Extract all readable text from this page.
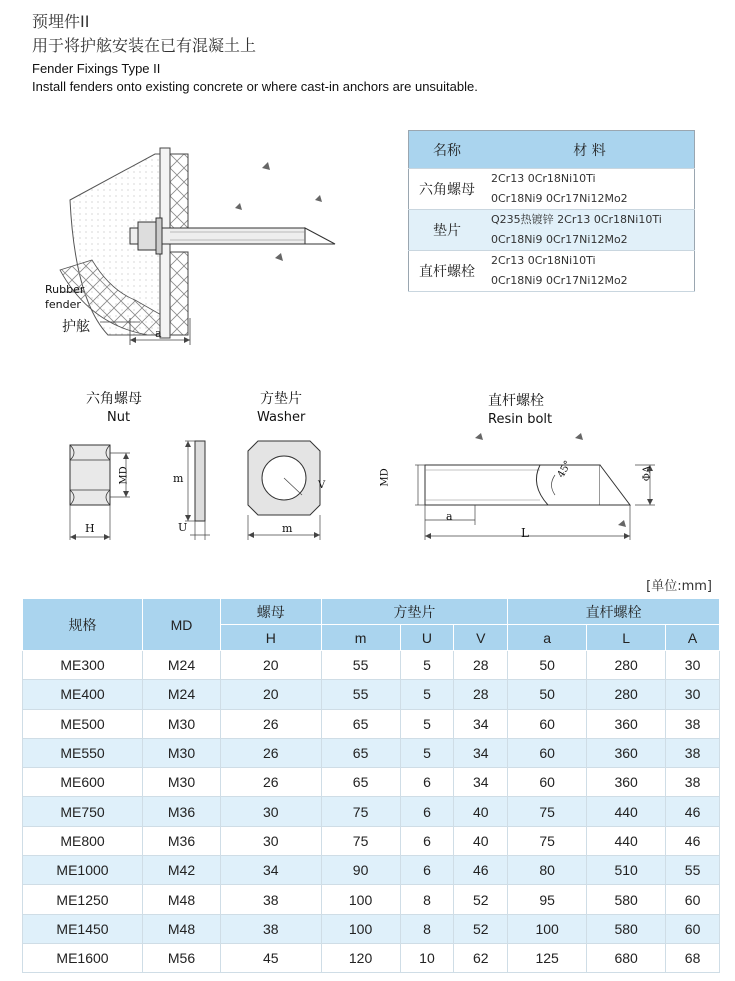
预埋件II
用于将护舷安装在已有混凝土上
Fender Fixings Type II
Install fenders onto existing concrete or where cast-in anchors are unsuitable.
Rubber
fender
护舷	a
名称	材 料
六角螺母	2Cr13 0Cr18Ni10Ti
0Cr18Ni9 0Cr17Ni12Mo2

垫片	Q235热镀锌 2Cr13 0Cr18Ni10Ti
0Cr18Ni9 0Cr17Ni12Mo2

直杆螺栓	2Cr13 0Cr18Ni10Ti
0Cr18Ni9 0Cr17Ni12Mo2
六角螺母
Nut
方垫片
Washer
直杆螺栓
Resin bolt
MD
H
m
U
V
m
MD
a
L
ΦA
45°
[单位:mm]
规格	MD	螺母	方垫片			直杆螺栓		
		H	m	U	V	a	L	A
ME300	M24	20	55	5	28	50	280	30
ME400	M24	20	55	5	28	50	280	30
ME500	M30	26	65	5	34	60	360	38
ME550	M30	26	65	5	34	60	360	38
ME600	M30	26	65	6	34	60	360	38
ME750	M36	30	75	6	40	75	440	46
ME800	M36	30	75	6	40	75	440	46
ME1000	M42	34	90	6	46	80	510	55
ME1250	M48	38	100	8	52	95	580	60
ME1450	M48	38	100	8	52	100	580	60
ME1600	M56	45	120	10	62	125	680	68
